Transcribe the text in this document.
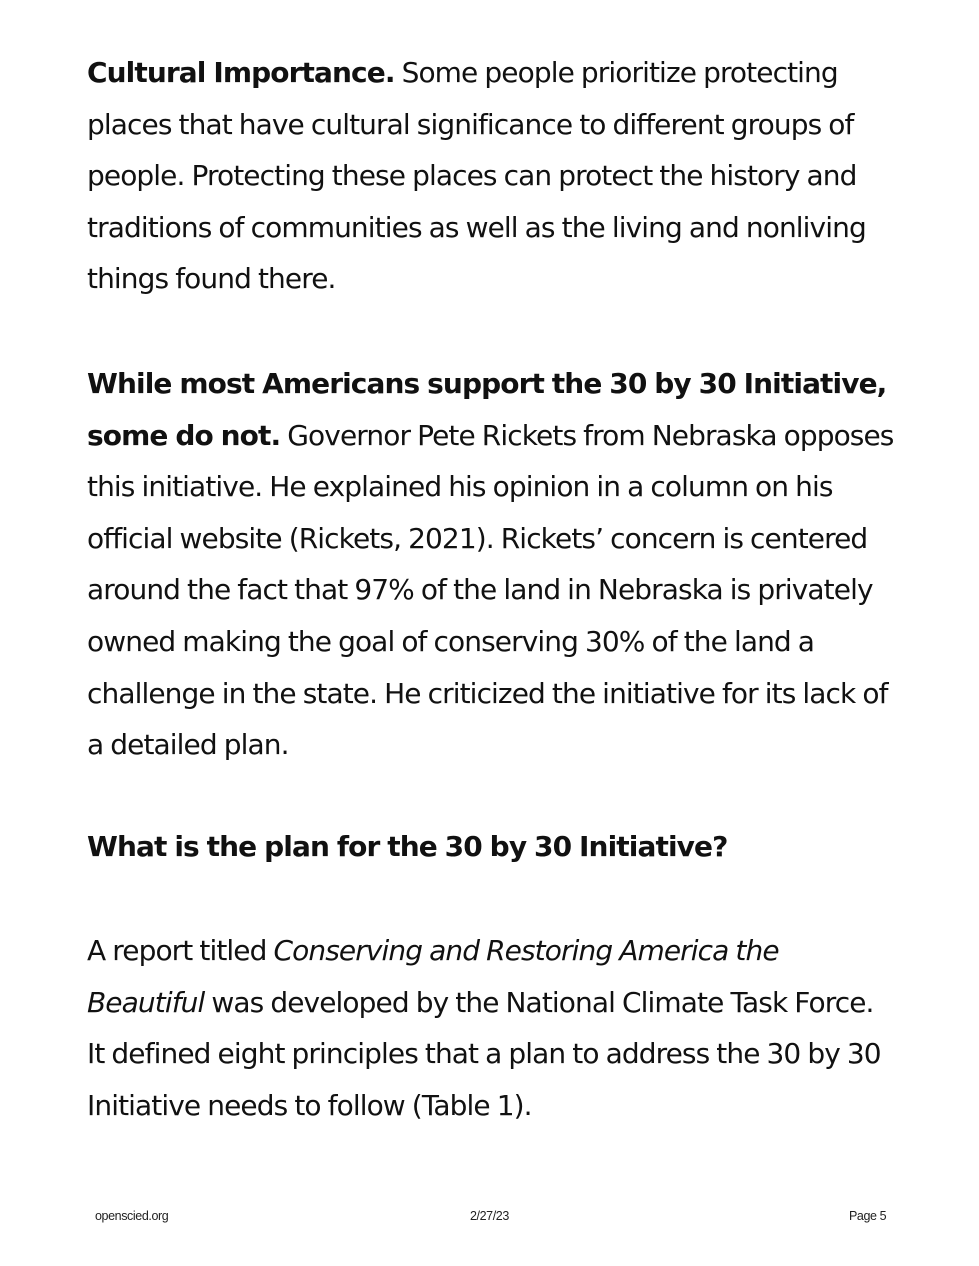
Cultural Importance. Some people prioritize protecting places that have cultural significance to different groups of people. Protecting these places can protect the history and traditions of communities as well as the living and nonliving things found there.

While most Americans support the 30 by 30 Initiative, some do not. Governor Pete Rickets from Nebraska opposes this initiative. He explained his opinion in a column on his official website (Rickets, 2021). Rickets’ concern is centered around the fact that 97% of the land in Nebraska is privately owned making the goal of conserving 30% of the land a challenge in the state. He criticized the initiative for its lack of a detailed plan.

What is the plan for the 30 by 30 Initiative?

A report titled Conserving and Restoring America the Beautiful was developed by the National Climate Task Force. It defined eight principles that a plan to address the 30 by 30 Initiative needs to follow (Table 1).

openscied.org	2/27/23	Page 5
